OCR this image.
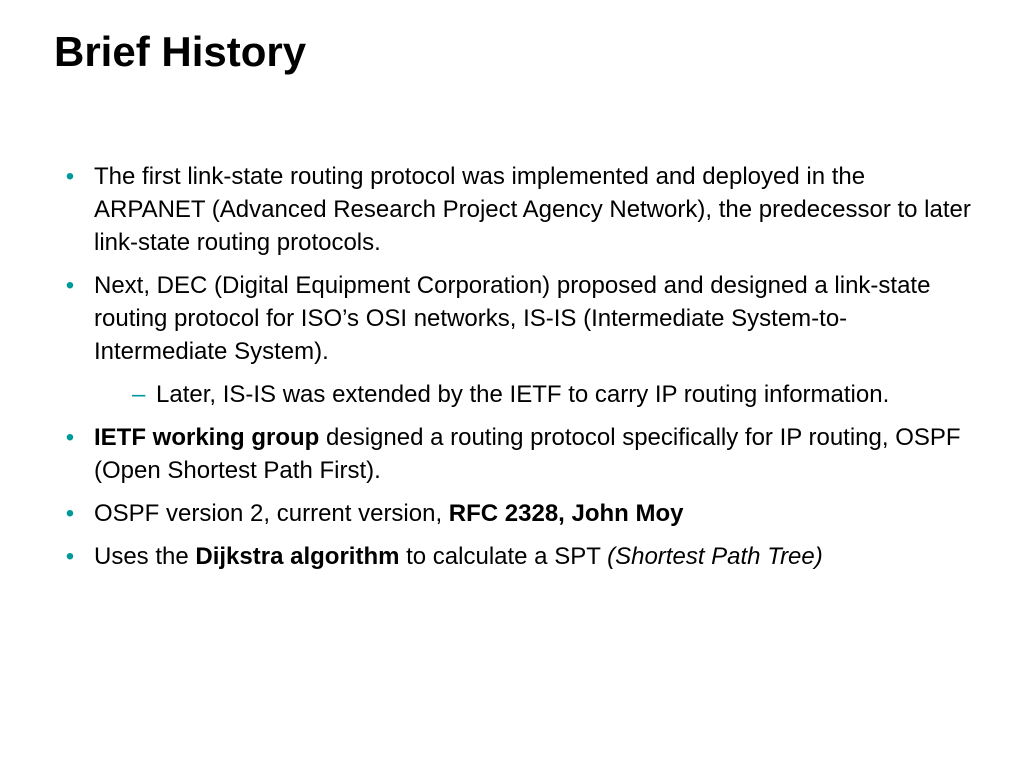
Brief History
• The first link-state routing protocol was implemented and deployed in the ARPANET (Advanced Research Project Agency Network), the predecessor to later link-state routing protocols.
• Next, DEC (Digital Equipment Corporation) proposed and designed a link-state routing protocol for ISO’s OSI networks, IS-IS (Intermediate System-to-Intermediate System).
– Later, IS-IS was extended by the IETF to carry IP routing information.
• IETF working group designed a routing protocol specifically for IP routing, OSPF (Open Shortest Path First).
• OSPF version 2, current version, RFC 2328, John Moy
• Uses the Dijkstra algorithm to calculate a SPT (Shortest Path Tree)
